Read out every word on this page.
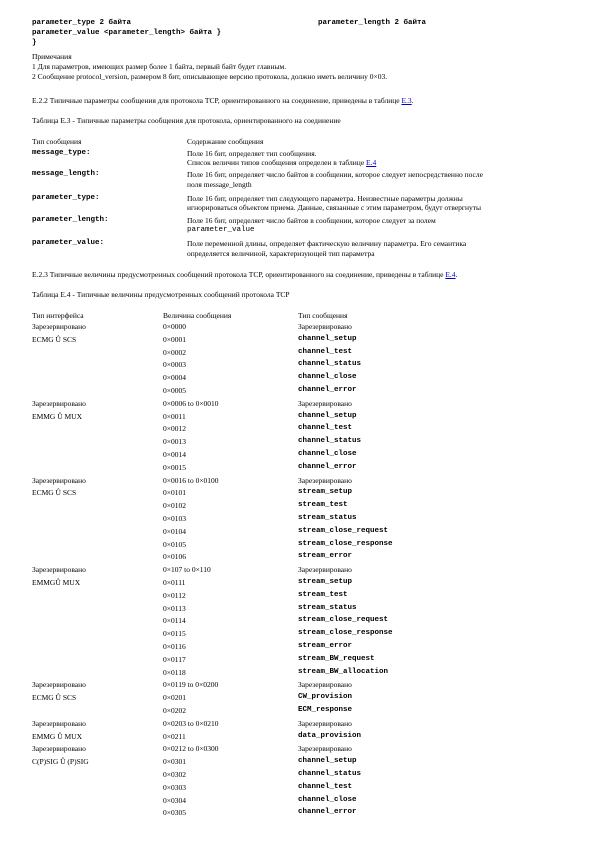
parameter_type 2 байта	parameter_length 2 байта
parameter_value <parameter_length> байтa }
}
Примечания
1 Для параметров, имеющих размер более 1 байта, первый байт будет главным.
2 Сообщение protocol_version, размером 8 бит, описывающее версию протокола, должно иметь величину 0×03.
Е.2.2 Типичные параметры сообщения для протокола TCP, ориентированного на соединение, приведены в таблице Е.3.
Таблица Е.3 - Типичные параметры сообщения для протокола, ориентированного на соединение
Тип сообщения	Содержание сообщения
message_type:	Поле 16 бит, определяет тип сообщения.
Список величин типов сообщения определен в таблице Е.4
message_length:	Поле 16 бит, определяет число байтов в сообщении, которое следует непосредственно после
поля message_length
parameter_type:	Поле 16 бит, определяет тип следующего параметра. Неизвестные параметры должны
игнорироваться объектом приема. Данные, связанные с этим параметром, будут отвергнуты
parameter_length:	Поле 16 бит, определяет число байтов в сообщении, которое следует за полем
parameter_value
parameter_value:	Поле переменной длины, определяет фактическую величину параметра. Его семантика
определяется величиной, характеризующей тип параметра
Е.2.3 Типичные величины предусмотренных сообщений протокола TCP, ориентированного на соединение, приведены в таблице Е.4.
Таблица Е.4 - Типичные величины предусмотренных сообщений протокола TCP
Тип интерфейса	Величина сообщения	Тип сообщения
Зарезервировано	0×0000	Зарезервировано
ECMG Û SCS	0×0001	channel_setup
0×0002	channel_test
0×0003	channel_status
0×0004	channel_close
0×0005	channel_error
Зарезервировано	0×0006 to 0×0010	Зарезервировано
EMMG Û MUX	0×0011	channel_setup
0×0012	channel_test
0×0013	channel_status
0×0014	channel_close
0×0015	channel_error
Зарезервировано	0×0016 to 0×0100	Зарезервировано
ECMG Û SCS	0×0101	stream_setup
0×0102	stream_test
0×0103	stream_status
0×0104	stream_close_request
0×0105	stream_close_response
0×0106	stream_error
Зарезервировано	0×107 to 0×110	Зарезервировано
EMMGÛ MUX	0×0111	stream_setup
0×0112	stream_test
0×0113	stream_status
0×0114	stream_close_request
0×0115	stream_close_response
0×0116	stream_error
0×0117	stream_BW_request
0×0118	stream_BW_allocation
Зарезервировано	0×0119 to 0×0200	Зарезервировано
ECMG Û SCS	0×0201	CW_provision
0×0202	ECM_response
Зарезервировано	0×0203 to 0×0210	Зарезервировано
EMMG Û MUX	0×0211	data_provision
Зарезервировано	0×0212 to 0×0300	Зарезервировано
C(P)SIG Û (P)SIG	0×0301	channel_setup
0×0302	channel_status
0×0303	channel_test
0×0304	channel_close
0×0305	channel_error
